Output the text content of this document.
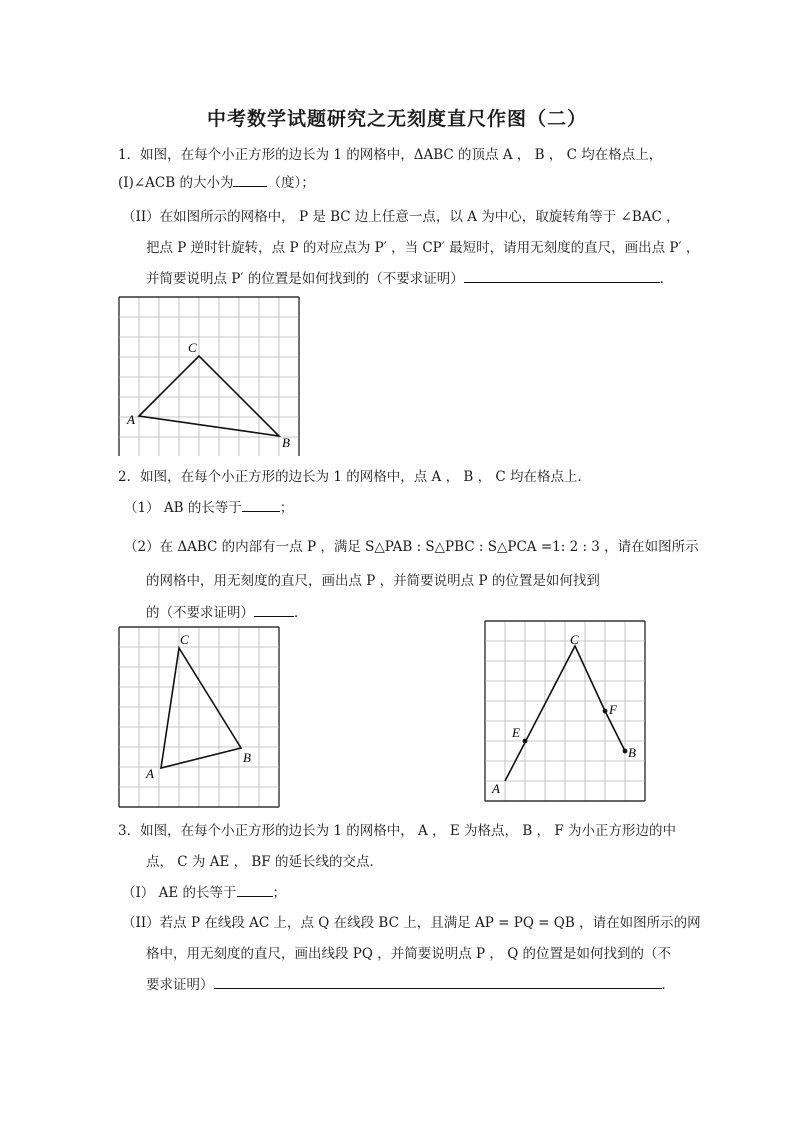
中考数学试题研究之无刻度直尺作图（二）
1．如图，在每个小正方形的边长为 1 的网格中，ΔABC 的顶点 A ， B ， C 均在格点上，
(I)∠ACB 的大小为	（度）；
（II）在如图所示的网格中， P 是 BC 边上任意一点，以 A 为中心，取旋转角等于 ∠BAC ，
把点 P 逆时针旋转，点 P 的对应点为 P′ ，当 CP′ 最短时，请用无刻度的直尺，画出点 P′ ，
并简要说明点 P′ 的位置是如何找到的（不要求证明）	．
A
C
B
2．如图，在每个小正方形的边长为 1 的网格中，点 A ， B ， C 均在格点上．
（1） AB 的长等于	；
（2）在 ΔABC 的内部有一点 P ，满足 S△PAB : S△PBC : S△PCA =1: 2 : 3 ，请在如图所示
的网格中，用无刻度的直尺，画出点 P ，并简要说明点 P 的位置是如何找到
的（不要求证明）	．
A
C
B
A
E
C
F
B
3．如图，在每个小正方形的边长为 1 的网格中， A ， E 为格点， B ， F 为小正方形边的中
点， C 为 AE ， BF 的延长线的交点．
（I） AE 的长等于	；
（II）若点 P 在线段 AC 上，点 Q 在线段 BC 上，且满足 AP = PQ = QB ，请在如图所示的网
格中，用无刻度的直尺，画出线段 PQ ，并简要说明点 P ， Q 的位置是如何找到的（不
要求证明）	．
